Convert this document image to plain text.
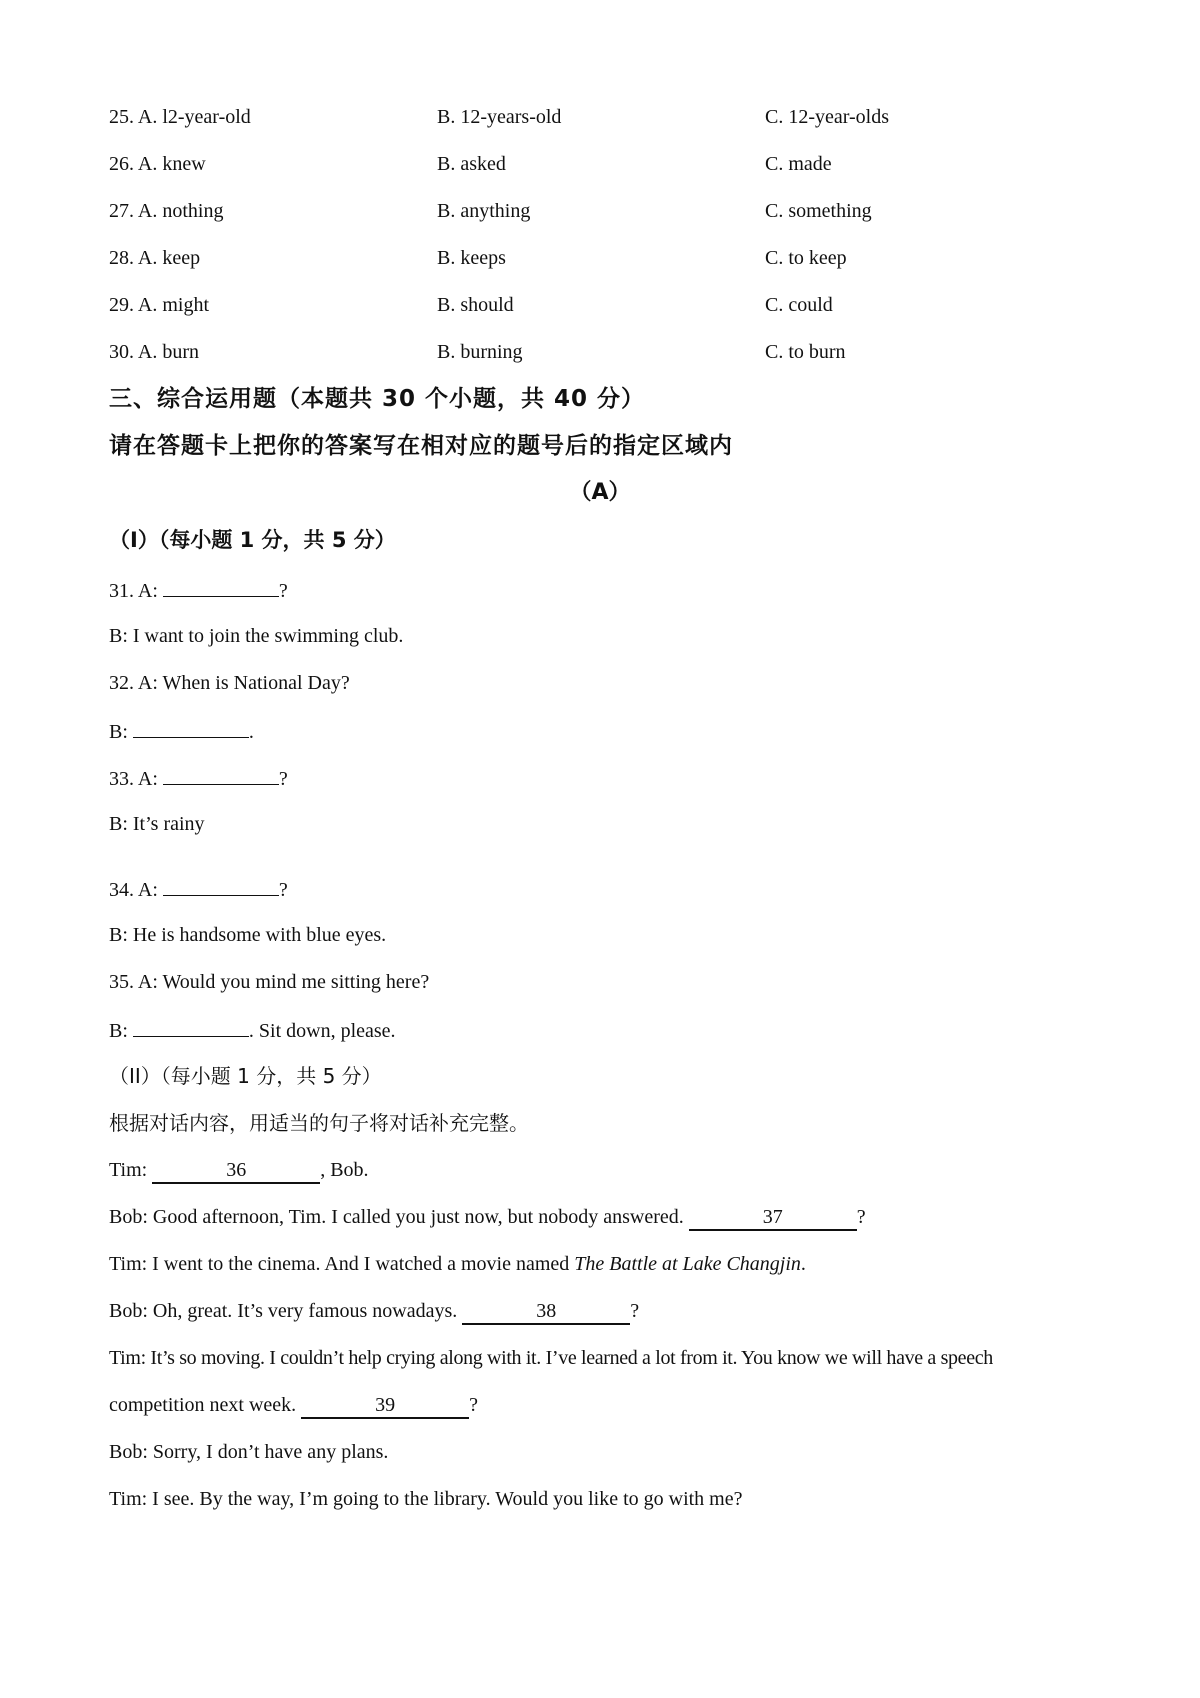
25. A. l2-year-old	B. 12-years-old	C. 12-year-olds
26. A. knew	B. asked	C. made
27. A. nothing	B. anything	C. something
28. A. keep	B. keeps	C. to keep
29. A. might	B. should	C. could
30. A. burn	B. burning	C. to burn
三、综合运用题（本题共 30 个小题，共 40 分）
请在答题卡上把你的答案写在相对应的题号后的指定区域内
（A）
（I）（每小题 1 分，共 5 分）
31. A:	?
B: I want to join the swimming club.
32. A: When is National Day?
B:	.
33. A:	?
B: It’s rainy
34. A:	?
B: He is handsome with blue eyes.
35. A: Would you mind me sitting here?
B:	. Sit down, please.
（II）（每小题 1 分，共 5 分）
根据对话内容，用适当的句子将对话补充完整。
Tim:	36	, Bob.
Bob: Good afternoon, Tim. I called you just now, but nobody answered.	37	?
Tim: I went to the cinema. And I watched a movie named The Battle at Lake Changjin.
Bob: Oh, great. It’s very famous nowadays.	38	?
Tim: It’s so moving. I couldn’t help crying along with it. I’ve learned a lot from it. You know we will have a speech
competition next week.	39	?
Bob: Sorry, I don’t have any plans.
Tim: I see. By the way, I’m going to the library. Would you like to go with me?
